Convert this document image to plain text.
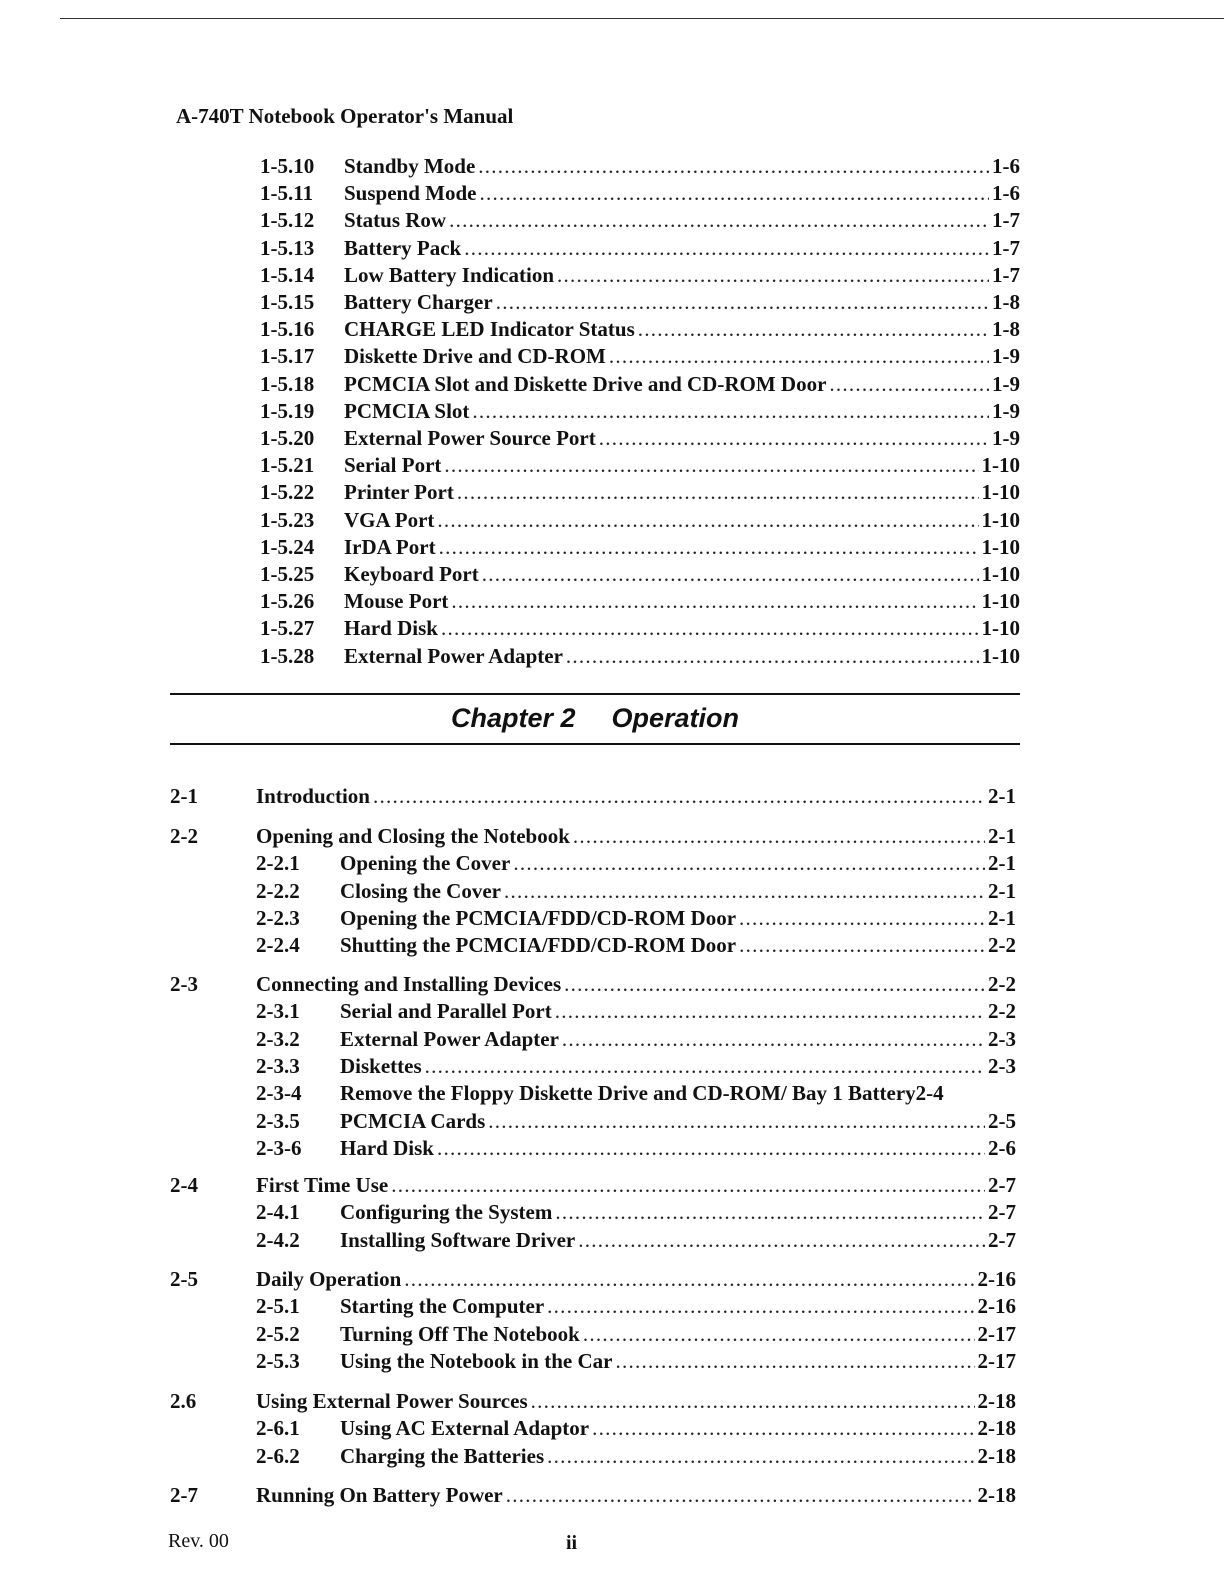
A-740T Notebook Operator's Manual
1-5.10	Standby Mode . . .	1-6
1-5.11	Suspend Mode . . .	1-6
1-5.12	Status Row . . .	1-7
1-5.13	Battery Pack . . .	1-7
1-5.14	Low Battery Indication . . .	1-7
1-5.15	Battery Charger . . .	1-8
1-5.16	CHARGE LED Indicator Status . . .	1-8
1-5.17	Diskette Drive and CD-ROM . . .	1-9
1-5.18	PCMCIA Slot and Diskette Drive and CD-ROM Door . . .	1-9
1-5.19	PCMCIA Slot . . .	1-9
1-5.20	External Power Source Port . . .	1-9
1-5.21	Serial Port . . .	1-10
1-5.22	Printer Port . . .	1-10
1-5.23	VGA Port . . .	1-10
1-5.24	IrDA Port . . .	1-10
1-5.25	Keyboard Port . . .	1-10
1-5.26	Mouse Port . . .	1-10
1-5.27	Hard Disk . . .	1-10
1-5.28	External Power Adapter . . .	1-10
2-1	Introduction . . .	2-1
2-2	Opening and Closing the Notebook . . .	2-1
2-2.1	Opening the Cover . . .	2-1
2-2.2	Closing the Cover . . .	2-1
2-2.3	Opening the PCMCIA/FDD/CD-ROM Door . . .	2-1
2-2.4	Shutting the PCMCIA/FDD/CD-ROM Door . . .	2-2
2-3	Connecting and Installing Devices . . .	2-2
2-3.1	Serial and Parallel Port . . .	2-2
2-3.2	External Power Adapter . . .	2-3
2-3.3	Diskettes . . .	2-3
2-3-4	Remove the Floppy Diskette Drive and CD-ROM/ Bay 1 Battery 2-4
2-3.5	PCMCIA Cards . . .	2-5
2-3-6	Hard Disk . . .	2-6
2-4	First Time Use . . .	2-7
2-4.1	Configuring the System . . .	2-7
2-4.2	Installing Software Driver . . .	2-7
2-5	Daily Operation . . .	2-16
2-5.1	Starting the Computer . . .	2-16
2-5.2	Turning Off The Notebook . . .	2-17
2-5.3	Using the Notebook in the Car . . .	2-17
2.6	Using External Power Sources . . .	2-18
2-6.1	Using AC External Adaptor . . .	2-18
2-6.2	Charging the Batteries . . .	2-18
2-7	Running On Battery Power . . .	2-18
Chapter 2 Operation
Rev. 00	ii
